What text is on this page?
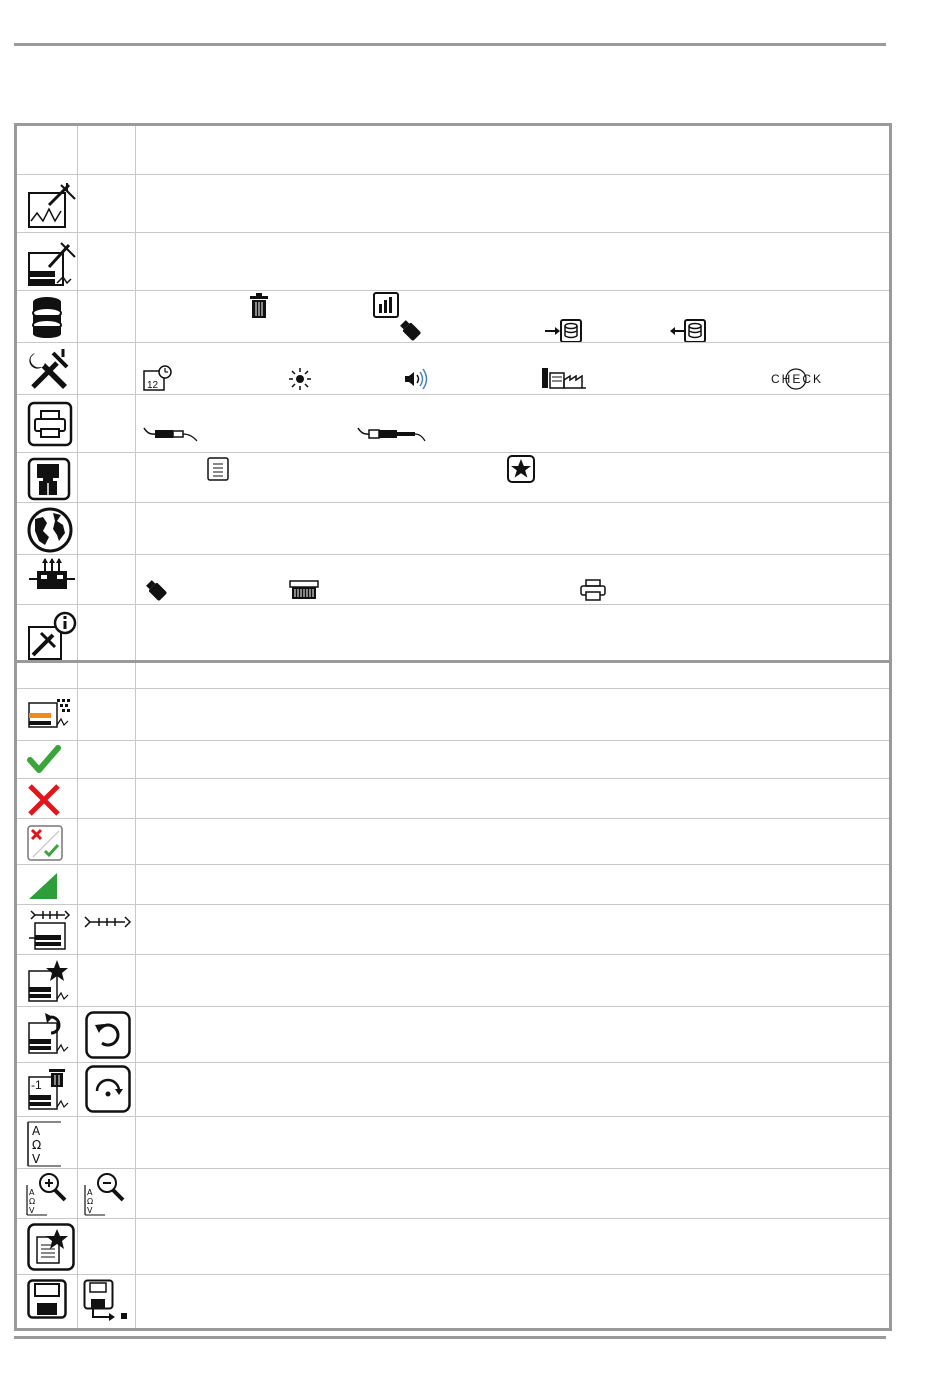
12	CHECK
-1
A
Ω
V
A
Ω
V
A
Ω
V
